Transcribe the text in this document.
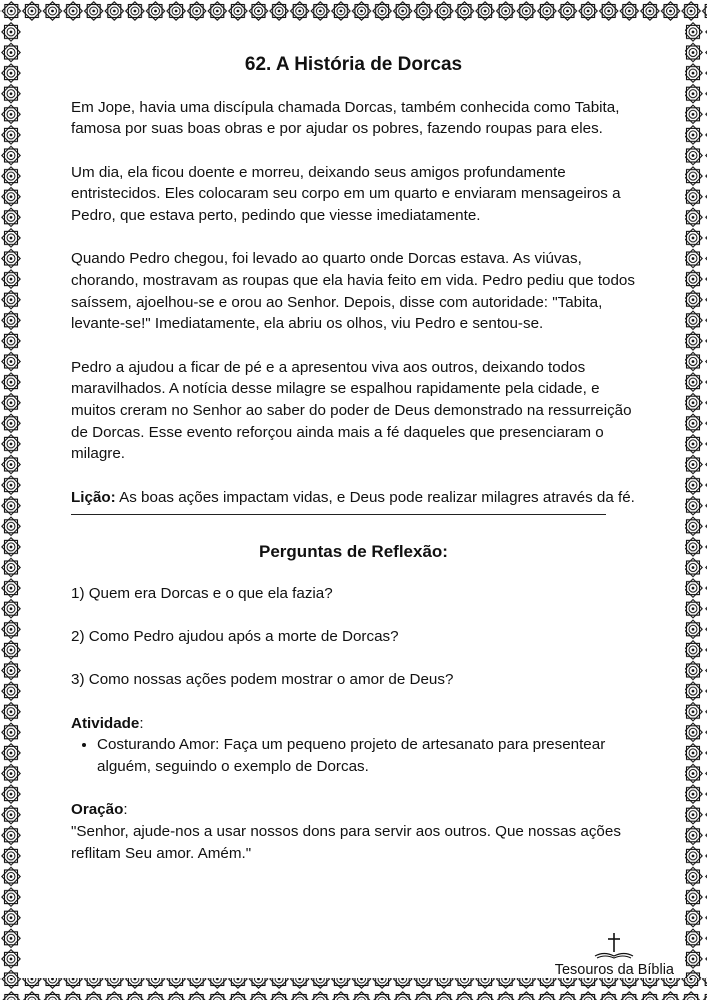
62. A História de Dorcas

Em Jope, havia uma discípula chamada Dorcas, também conhecida como Tabita, famosa por suas boas obras e por ajudar os pobres, fazendo roupas para eles.

Um dia, ela ficou doente e morreu, deixando seus amigos profundamente entristecidos. Eles colocaram seu corpo em um quarto e enviaram mensageiros a Pedro, que estava perto, pedindo que viesse imediatamente.

Quando Pedro chegou, foi levado ao quarto onde Dorcas estava. As viúvas, chorando, mostravam as roupas que ela havia feito em vida. Pedro pediu que todos saíssem, ajoelhou-se e orou ao Senhor. Depois, disse com autoridade: "Tabita, levante-se!" Imediatamente, ela abriu os olhos, viu Pedro e sentou-se.

Pedro a ajudou a ficar de pé e a apresentou viva aos outros, deixando todos maravilhados. A notícia desse milagre se espalhou rapidamente pela cidade, e muitos creram no Senhor ao saber do poder de Deus demonstrado na ressurreição de Dorcas. Esse evento reforçou ainda mais a fé daqueles que presenciaram o milagre.

Lição: As boas ações impactam vidas, e Deus pode realizar milagres através da fé.
Perguntas de Reflexão:

1) Quem era Dorcas e o que ela fazia?

2) Como Pedro ajudou após a morte de Dorcas?

3) Como nossas ações podem mostrar o amor de Deus?

Atividade:
• Costurando Amor: Faça um pequeno projeto de artesanato para presentear alguém, seguindo o exemplo de Dorcas.
Oração:
"Senhor, ajude-nos a usar nossos dons para servir aos outros. Que nossas ações reflitam Seu amor. Amém."
Tesouros da Bíblia
